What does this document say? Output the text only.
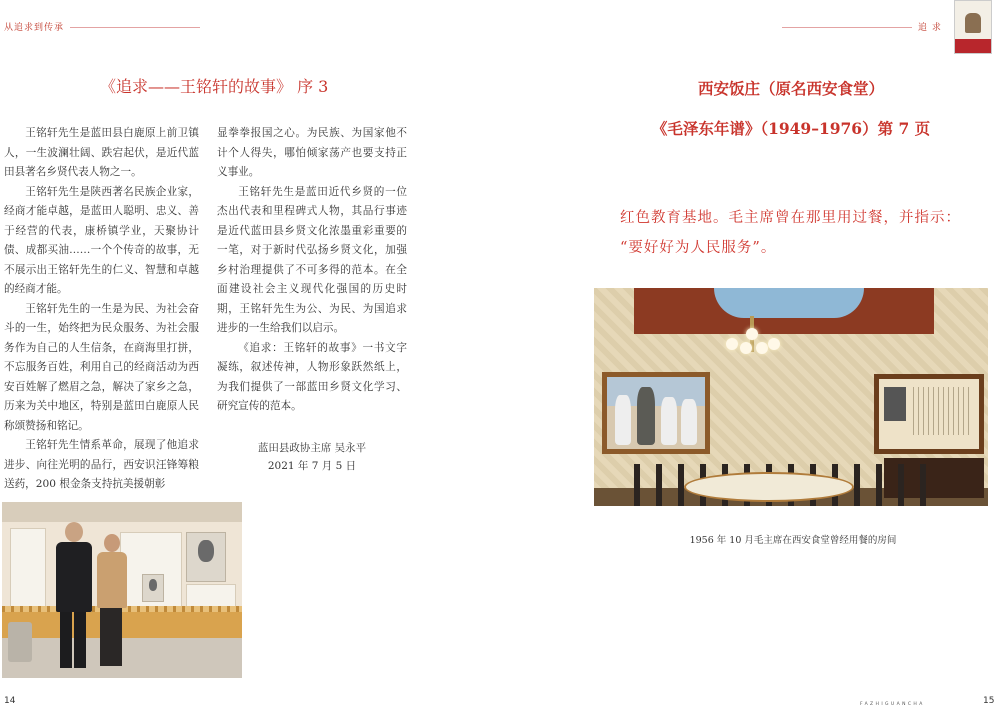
从追求到传承	追 求
《追求——王铭轩的故事》 序 3

王铭轩先生是蓝田县白鹿原上前卫镇人，一生波澜壮阔、跌宕起伏，是近代蓝田县著名乡贤代表人物之一。

王铭轩先生是陕西著名民族企业家，经商才能卓越，是蓝田人聪明、忠义、善于经营的代表，康桥镇学业，天聚协计债、成都买油……一个个传奇的故事，无不展示出王铭轩先生的仁义、智慧和卓越的经商才能。

王铭轩先生的一生是为民、为社会奋斗的一生，始终把为民众服务、为社会服务作为自己的人生信条，在商海里打拼，不忘服务百姓，利用自己的经商活动为西安百姓解了燃眉之急，解决了家乡之急，历来为关中地区，特别是蓝田白鹿原人民称颂赞扬和铭记。

王铭轩先生情系革命，展现了他追求进步、向往光明的品行，西安识汪锋筹粮送药，200 根金条支持抗美援朝彰

显拳拳报国之心。为民族、为国家他不计个人得失，哪怕倾家荡产也要支持正义事业。

王铭轩先生是蓝田近代乡贤的一位杰出代表和里程碑式人物，其品行事迹是近代蓝田县乡贤文化浓墨重彩重要的一笔，对于新时代弘扬乡贤文化，加强乡村治理提供了不可多得的范本。在全面建设社会主义现代化强国的历史时期，王铭轩先生为公、为民、为国追求进步的一生给我们以启示。

《追求：王铭轩的故事》一书文字凝练，叙述传神，人物形象跃然纸上，为我们提供了一部蓝田乡贤文化学习、研究宣传的范本。

蓝田县政协主席 吴永平
2021 年 7 月 5 日
14
西安饭庄（原名西安食堂）
《毛泽东年谱》（1949–1976）第 7 页
红色教育基地。毛主席曾在那里用过餐，并指示：
“要好好为人民服务”。
1956 年 10 月毛主席在西安食堂曾经用餐的房间
FAZHIGUANCHA	15
